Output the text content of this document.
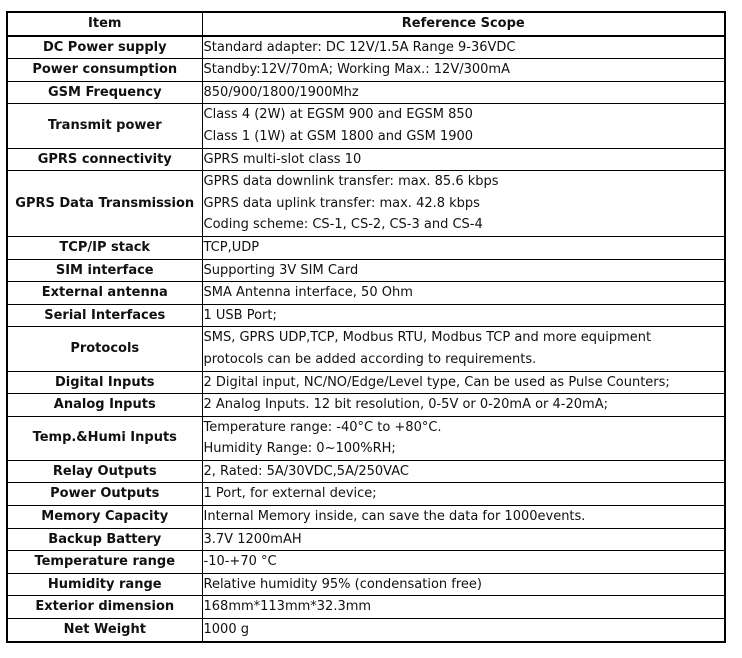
Item	Reference Scope
DC Power supply	Standard adapter: DC 12V/1.5A Range 9-36VDC

Power consumption	Standby:12V/70mA; Working Max.: 12V/300mA

GSM Frequency	850/900/1800/1900Mhz

Transmit power	Class 4 (2W) at EGSM 900 and EGSM 850
Class 1 (1W) at GSM 1800 and GSM 1900

GPRS connectivity	GPRS multi-slot class 10

GPRS Data Transmission	GPRS data downlink transfer: max. 85.6 kbps
GPRS data uplink transfer: max. 42.8 kbps
Coding scheme: CS-1, CS-2, CS-3 and CS-4

TCP/IP stack	TCP,UDP

SIM interface	Supporting 3V SIM Card

External antenna	SMA Antenna interface, 50 Ohm

Serial Interfaces	1 USB Port;

Protocols	SMS, GPRS UDP,TCP, Modbus RTU, Modbus TCP and more equipment
protocols can be added according to requirements.

Digital Inputs	2 Digital input, NC/NO/Edge/Level type, Can be used as Pulse Counters;

Analog Inputs	2 Analog Inputs. 12 bit resolution, 0-5V or 0-20mA or 4-20mA;

Temp.&Humi Inputs	Temperature range: -40°C to +80°C.
Humidity Range: 0~100%RH;

Relay Outputs	2, Rated: 5A/30VDC,5A/250VAC

Power Outputs	1 Port, for external device;

Memory Capacity	Internal Memory inside, can save the data for 1000events.

Backup Battery	3.7V 1200mAH

Temperature range	-10-+70 °C

Humidity range	Relative humidity 95% (condensation free)

Exterior dimension	168mm*113mm*32.3mm

Net Weight	1000 g
